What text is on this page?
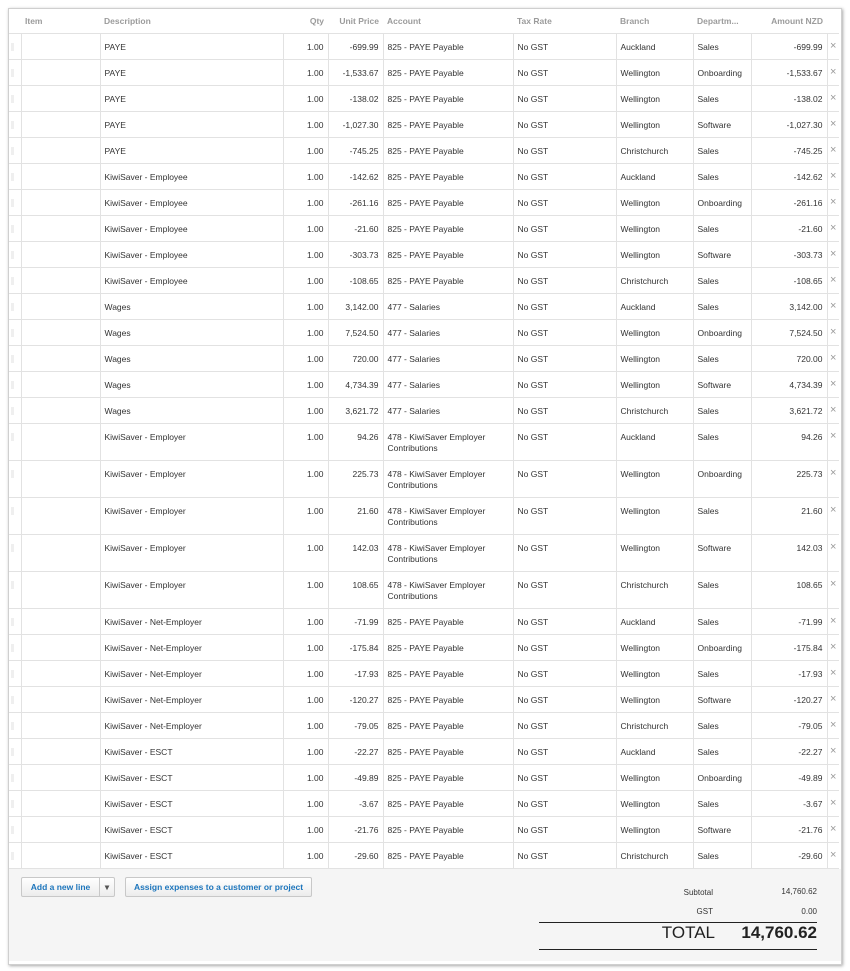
	Item	Description	Qty	Unit Price	Account	Tax Rate	Branch	Departm...	Amount NZD	

		PAYE	1.00	-699.99	825 - PAYE Payable	No GST	Auckland	Sales	-699.99	×

		PAYE	1.00	-1,533.67	825 - PAYE Payable	No GST	Wellington	Onboarding	-1,533.67	×

		PAYE	1.00	-138.02	825 - PAYE Payable	No GST	Wellington	Sales	-138.02	×

		PAYE	1.00	-1,027.30	825 - PAYE Payable	No GST	Wellington	Software	-1,027.30	×

		PAYE	1.00	-745.25	825 - PAYE Payable	No GST	Christchurch	Sales	-745.25	×

		KiwiSaver - Employee	1.00	-142.62	825 - PAYE Payable	No GST	Auckland	Sales	-142.62	×

		KiwiSaver - Employee	1.00	-261.16	825 - PAYE Payable	No GST	Wellington	Onboarding	-261.16	×

		KiwiSaver - Employee	1.00	-21.60	825 - PAYE Payable	No GST	Wellington	Sales	-21.60	×

		KiwiSaver - Employee	1.00	-303.73	825 - PAYE Payable	No GST	Wellington	Software	-303.73	×

		KiwiSaver - Employee	1.00	-108.65	825 - PAYE Payable	No GST	Christchurch	Sales	-108.65	×

		Wages	1.00	3,142.00	477 - Salaries	No GST	Auckland	Sales	3,142.00	×

		Wages	1.00	7,524.50	477 - Salaries	No GST	Wellington	Onboarding	7,524.50	×

		Wages	1.00	720.00	477 - Salaries	No GST	Wellington	Sales	720.00	×

		Wages	1.00	4,734.39	477 - Salaries	No GST	Wellington	Software	4,734.39	×

		Wages	1.00	3,621.72	477 - Salaries	No GST	Christchurch	Sales	3,621.72	×

		KiwiSaver - Employer	1.00	94.26	478 - KiwiSaver Employer Contributions	No GST	Auckland	Sales	94.26	×

		KiwiSaver - Employer	1.00	225.73	478 - KiwiSaver Employer Contributions	No GST	Wellington	Onboarding	225.73	×

		KiwiSaver - Employer	1.00	21.60	478 - KiwiSaver Employer Contributions	No GST	Wellington	Sales	21.60	×

		KiwiSaver - Employer	1.00	142.03	478 - KiwiSaver Employer Contributions	No GST	Wellington	Software	142.03	×

		KiwiSaver - Employer	1.00	108.65	478 - KiwiSaver Employer Contributions	No GST	Christchurch	Sales	108.65	×

		KiwiSaver - Net-Employer	1.00	-71.99	825 - PAYE Payable	No GST	Auckland	Sales	-71.99	×

		KiwiSaver - Net-Employer	1.00	-175.84	825 - PAYE Payable	No GST	Wellington	Onboarding	-175.84	×

		KiwiSaver - Net-Employer	1.00	-17.93	825 - PAYE Payable	No GST	Wellington	Sales	-17.93	×

		KiwiSaver - Net-Employer	1.00	-120.27	825 - PAYE Payable	No GST	Wellington	Software	-120.27	×

		KiwiSaver - Net-Employer	1.00	-79.05	825 - PAYE Payable	No GST	Christchurch	Sales	-79.05	×

		KiwiSaver - ESCT	1.00	-22.27	825 - PAYE Payable	No GST	Auckland	Sales	-22.27	×

		KiwiSaver - ESCT	1.00	-49.89	825 - PAYE Payable	No GST	Wellington	Onboarding	-49.89	×

		KiwiSaver - ESCT	1.00	-3.67	825 - PAYE Payable	No GST	Wellington	Sales	-3.67	×

		KiwiSaver - ESCT	1.00	-21.76	825 - PAYE Payable	No GST	Wellington	Software	-21.76	×

		KiwiSaver - ESCT	1.00	-29.60	825 - PAYE Payable	No GST	Christchurch	Sales	-29.60	×
Add a new line	▾	Assign expenses to a customer or project
Subtotal	14,760.62
GST	0.00
TOTAL	14,760.62
